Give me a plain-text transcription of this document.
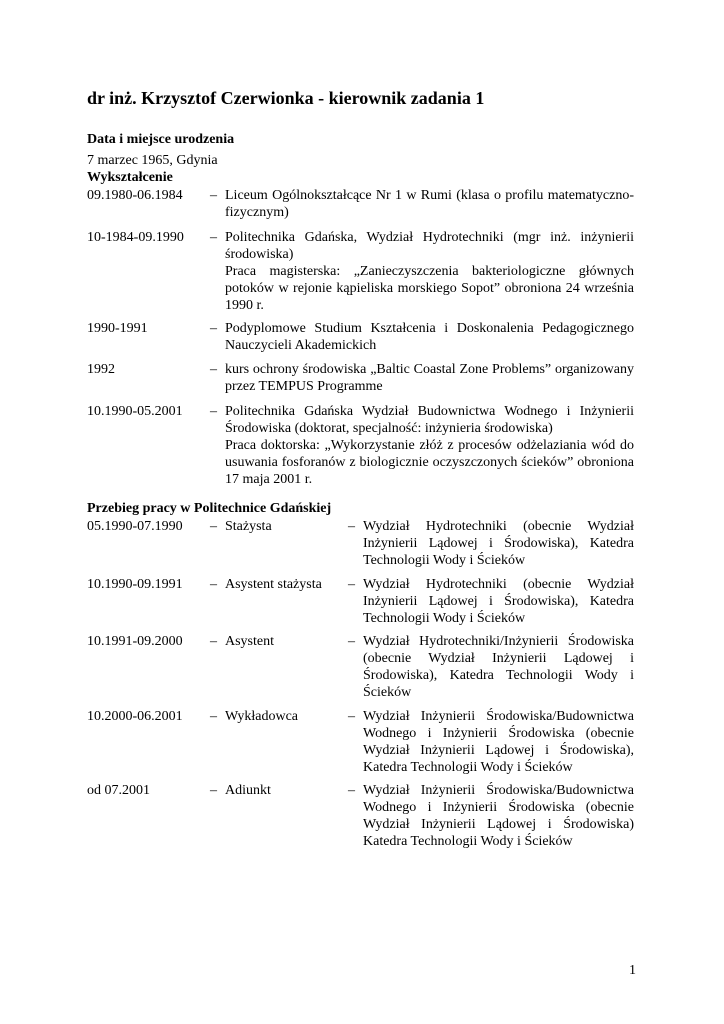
dr inż. Krzysztof Czerwionka - kierownik zadania 1
Data i miejsce urodzenia
7 marzec 1965, Gdynia
Wykształcenie
09.1980-06.1984 – Liceum Ogólnokształcące Nr 1 w Rumi (klasa o profilu matematyczno-fizycznym)
10-1984-09.1990 – Politechnika Gdańska, Wydział Hydrotechniki (mgr inż. inżynierii środowiska)
Praca magisterska: „Zanieczyszczenia bakteriologiczne głównych potoków w rejonie kąpieliska morskiego Sopot” obroniona 24 września 1990 r.
1990-1991	– Podyplomowe Studium Kształcenia i Doskonalenia Pedagogicznego Nauczycieli Akademickich
1992	– kurs ochrony środowiska „Baltic Coastal Zone Problems” organizowany przez TEMPUS Programme
10.1990-05.2001 – Politechnika Gdańska Wydział Budownictwa Wodnego i Inżynierii Środowiska (doktorat, specjalność: inżynieria środowiska)
Praca doktorska: „Wykorzystanie złóż z procesów odżelaziania wód do usuwania fosforanów z biologicznie oczyszczonych ścieków” obroniona 17 maja 2001 r.
Przebieg pracy w Politechnice Gdańskiej
05.1990-07.1990 – Stażysta	– Wydział Hydrotechniki (obecnie Wydział Inżynierii Lądowej i Środowiska), Katedra Technologii Wody i Ścieków
10.1990-09.1991 – Asystent stażysta – Wydział Hydrotechniki (obecnie Wydział Inżynierii Lądowej i Środowiska), Katedra Technologii Wody i Ścieków
10.1991-09.2000 – Asystent	– Wydział Hydrotechniki/Inżynierii Środowiska (obecnie Wydział Inżynierii Lądowej i Środowiska), Katedra Technologii Wody i Ścieków
10.2000-06.2001 – Wykładowca	– Wydział Inżynierii Środowiska/Budownictwa Wodnego i Inżynierii Środowiska (obecnie Wydział Inżynierii Lądowej i Środowiska), Katedra Technologii Wody i Ścieków
od 07.2001	– Adiunkt	– Wydział Inżynierii Środowiska/Budownictwa Wodnego i Inżynierii Środowiska (obecnie Wydział Inżynierii Lądowej i Środowiska) Katedra Technologii Wody i Ścieków
1
